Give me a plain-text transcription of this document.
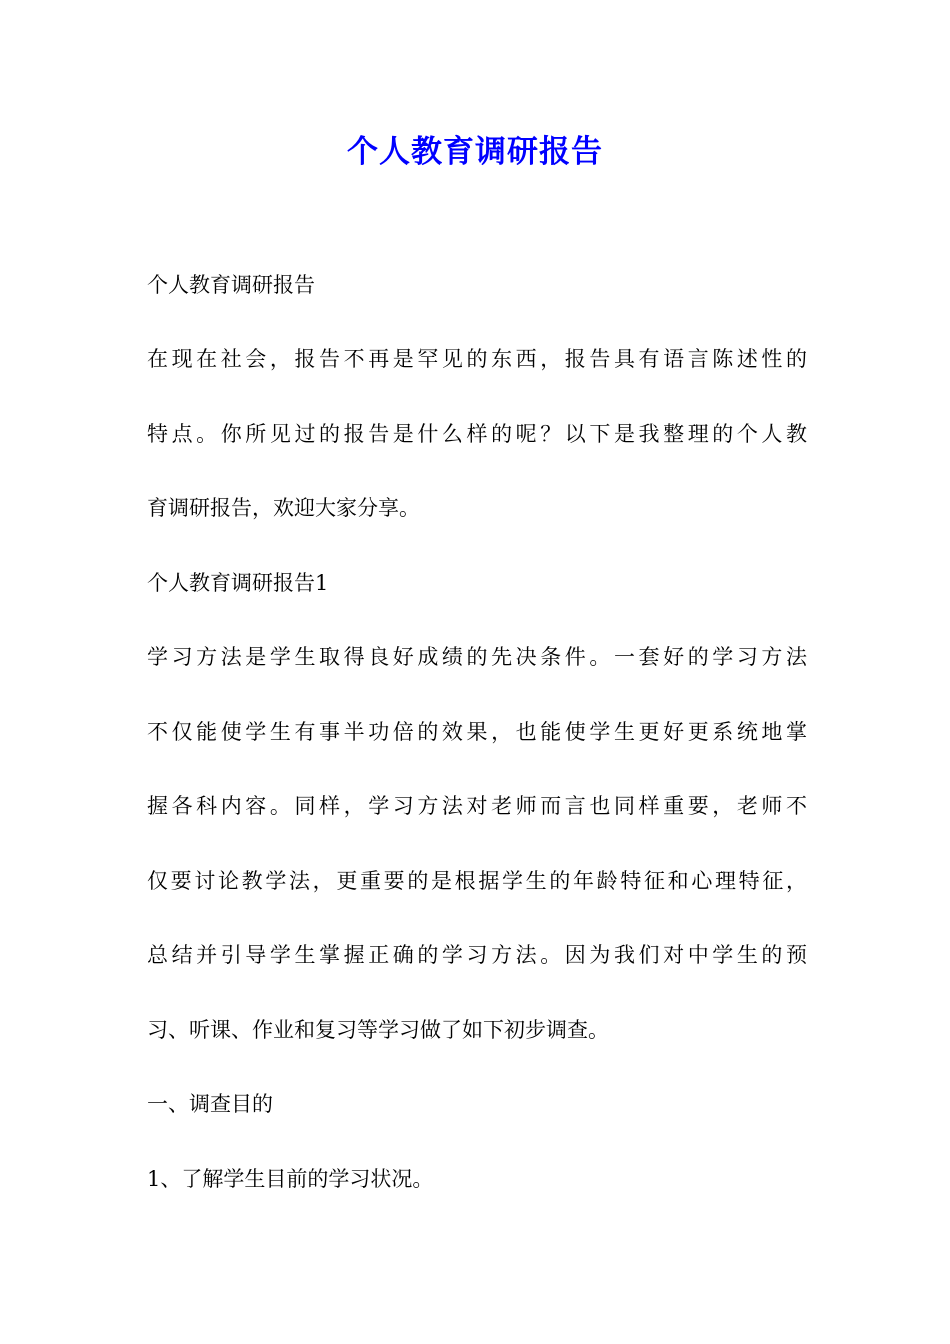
个人教育调研报告

个人教育调研报告

在现在社会，报告不再是罕见的东西，报告具有语言陈述性的

特点。你所见过的报告是什么样的呢？以下是我整理的个人教

育调研报告，欢迎大家分享。

个人教育调研报告1

学习方法是学生取得良好成绩的先决条件。一套好的学习方法

不仅能使学生有事半功倍的效果，也能使学生更好更系统地掌

握各科内容。同样，学习方法对老师而言也同样重要，老师不

仅要讨论教学法，更重要的是根据学生的年龄特征和心理特征，

总结并引导学生掌握正确的学习方法。因为我们对中学生的预

习、听课、作业和复习等学习做了如下初步调查。

一、调查目的

1、了解学生目前的学习状况。
